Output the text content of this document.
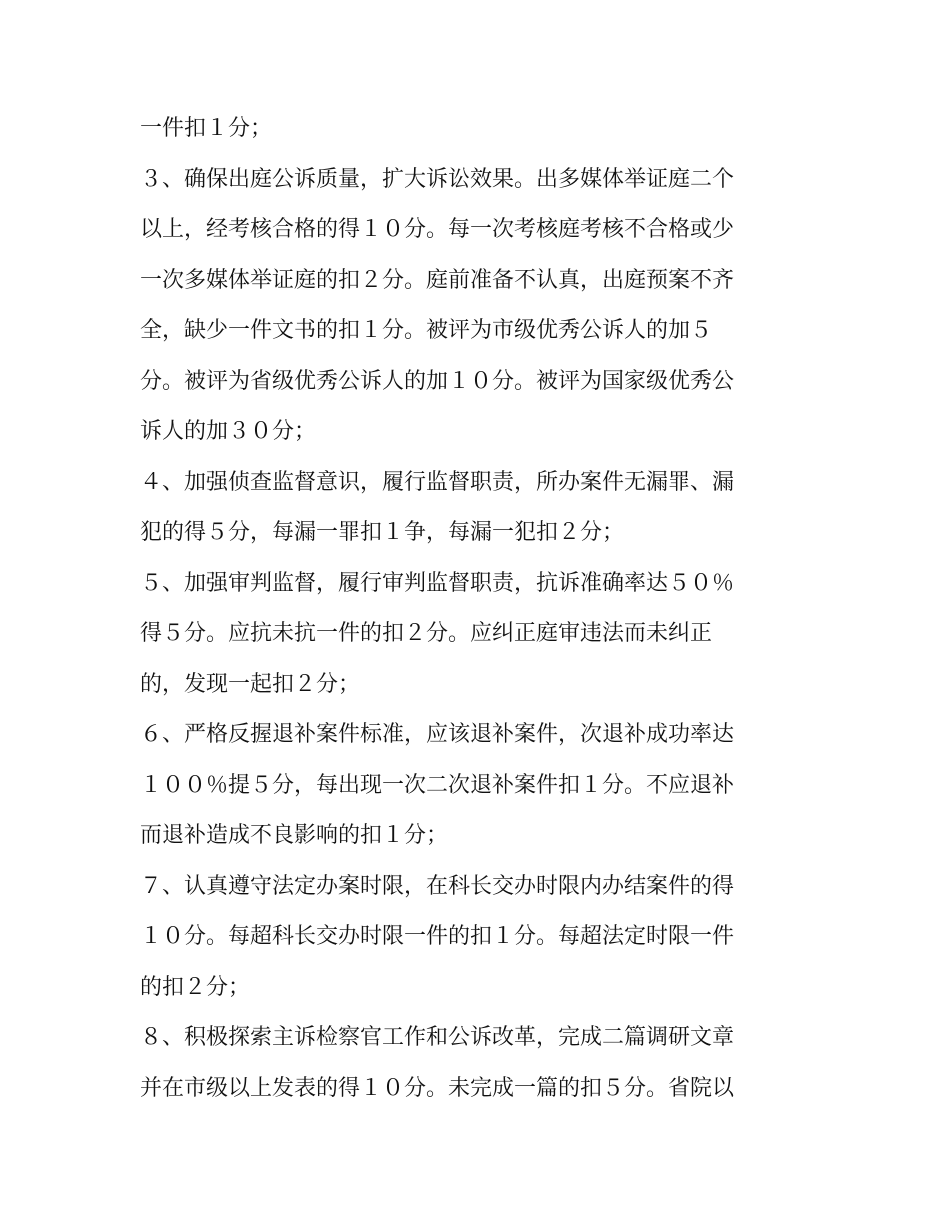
一件扣１分；
３、确保出庭公诉质量，扩大诉讼效果。出多媒体举证庭二个
以上，经考核合格的得１０分。每一次考核庭考核不合格或少
一次多媒体举证庭的扣２分。庭前准备不认真，出庭预案不齐
全，缺少一件文书的扣１分。被评为市级优秀公诉人的加５
分。被评为省级优秀公诉人的加１０分。被评为国家级优秀公
诉人的加３０分；
４、加强侦查监督意识，履行监督职责，所办案件无漏罪、漏
犯的得５分，每漏一罪扣１争，每漏一犯扣２分；
５、加强审判监督，履行审判监督职责，抗诉准确率达５０％
得５分。应抗未抗一件的扣２分。应纠正庭审违法而未纠正
的，发现一起扣２分；
６、严格反握退补案件标准，应该退补案件，次退补成功率达
１００％提５分，每出现一次二次退补案件扣１分。不应退补
而退补造成不良影响的扣１分；
７、认真遵守法定办案时限，在科长交办时限内办结案件的得
１０分。每超科长交办时限一件的扣１分。每超法定时限一件
的扣２分；
８、积极探索主诉检察官工作和公诉改革，完成二篇调研文章
并在市级以上发表的得１０分。未完成一篇的扣５分。省院以
